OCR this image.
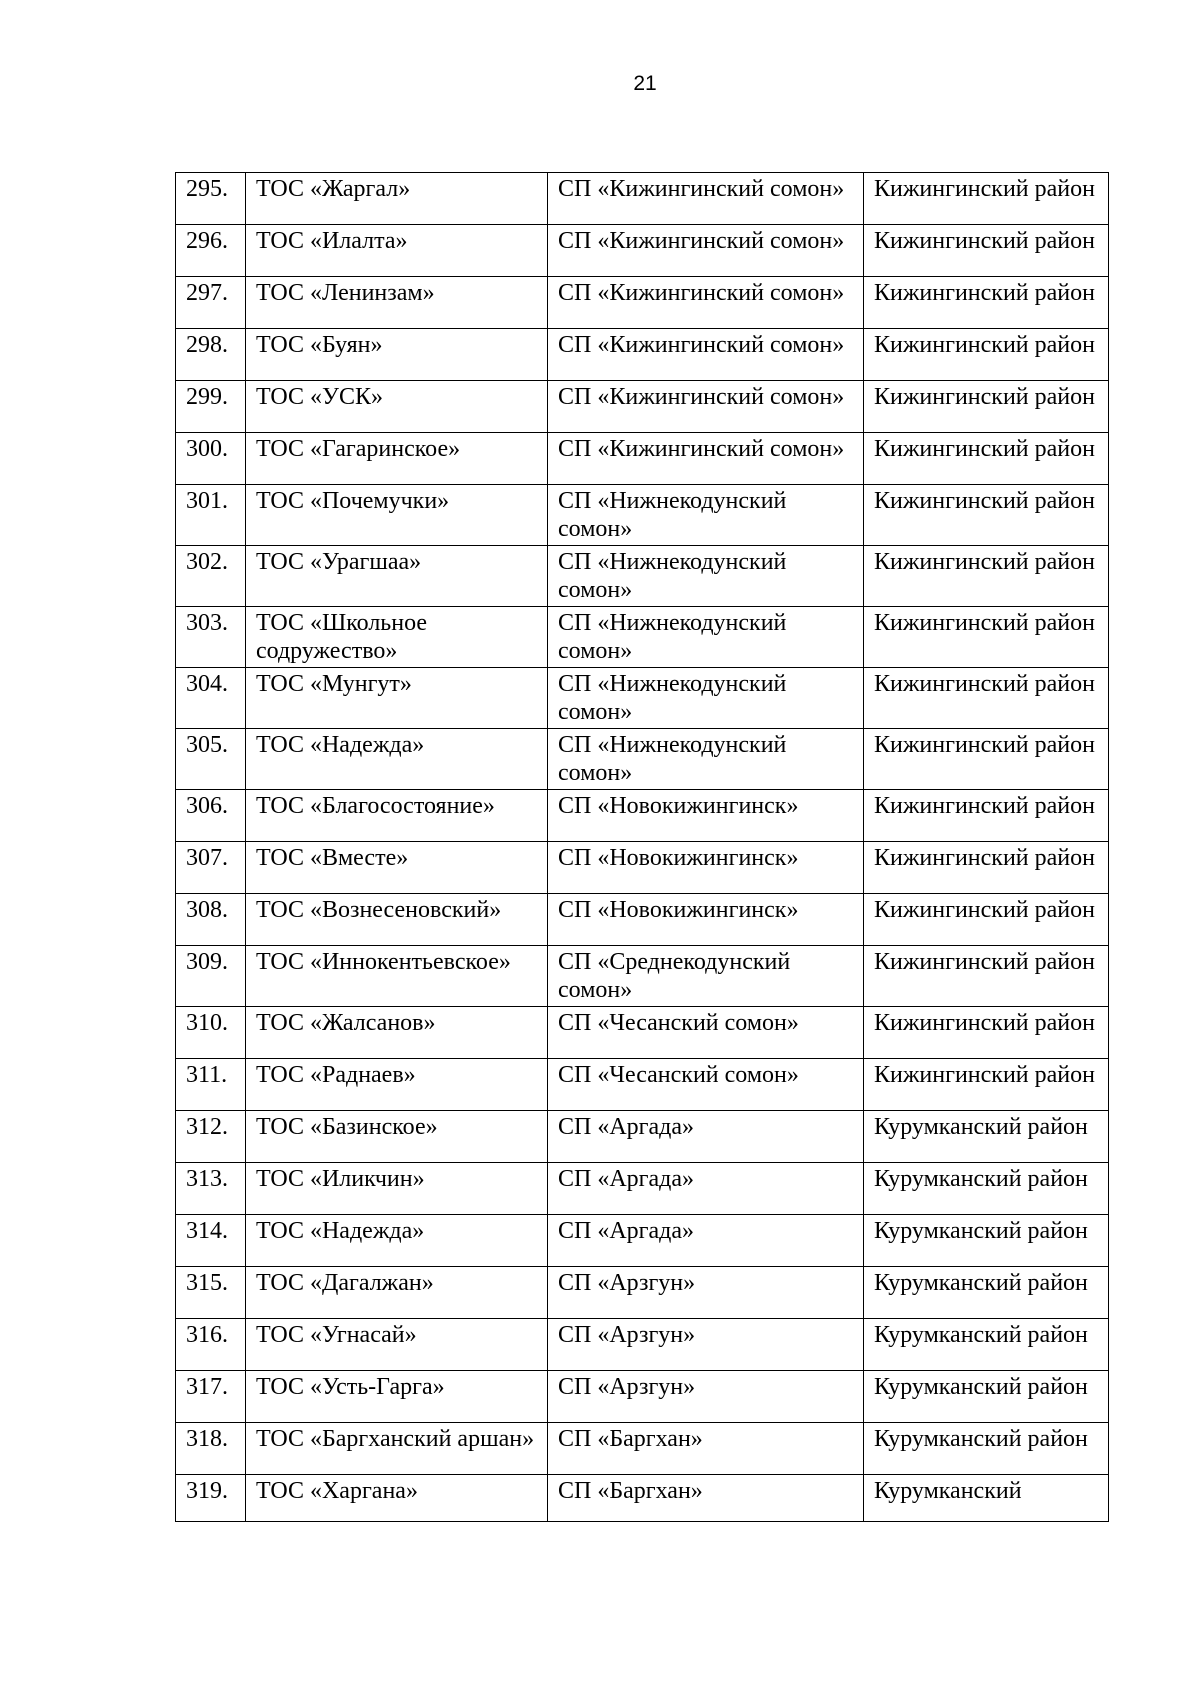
21
295.	ТОС «Жаргал»	СП «Кижингинский сомон»	Кижингинский район
296.	ТОС «Илалта»	СП «Кижингинский сомон»	Кижингинский район
297.	ТОС «Ленинзам»	СП «Кижингинский сомон»	Кижингинский район
298.	ТОС «Буян»	СП «Кижингинский сомон»	Кижингинский район
299.	ТОС «УСК»	СП «Кижингинский сомон»	Кижингинский район
300.	ТОС «Гагаринское»	СП «Кижингинский сомон»	Кижингинский район
301.	ТОС «Почемучки»	СП «Нижнекодунский сомон»	Кижингинский район
302.	ТОС «Урагшаа»	СП «Нижнекодунский сомон»	Кижингинский район
303.	ТОС «Школьное содружество»	СП «Нижнекодунский сомон»	Кижингинский район
304.	ТОС «Мунгут»	СП «Нижнекодунский сомон»	Кижингинский район
305.	ТОС «Надежда»	СП «Нижнекодунский сомон»	Кижингинский район
306.	ТОС «Благосостояние»	СП «Новокижингинск»	Кижингинский район
307.	ТОС «Вместе»	СП «Новокижингинск»	Кижингинский район
308.	ТОС «Вознесеновский»	СП «Новокижингинск»	Кижингинский район
309.	ТОС «Иннокентьевское»	СП «Среднекодунский сомон»	Кижингинский район
310.	ТОС «Жалсанов»	СП «Чесанский сомон»	Кижингинский район
311.	ТОС «Раднаев»	СП «Чесанский сомон»	Кижингинский район
312.	ТОС «Базинское»	СП «Аргада»	Курумканский район
313.	ТОС «Иликчин»	СП «Аргада»	Курумканский район
314.	ТОС «Надежда»	СП «Аргада»	Курумканский район
315.	ТОС «Дагалжан»	СП «Арзгун»	Курумканский район
316.	ТОС «Угнасай»	СП «Арзгун»	Курумканский район
317.	ТОС «Усть-Гарга»	СП «Арзгун»	Курумканский район
318.	ТОС «Баргханский аршан»	СП «Баргхан»	Курумканский район
319.	ТОС «Харгана»	СП «Баргхан»	Курумканский
